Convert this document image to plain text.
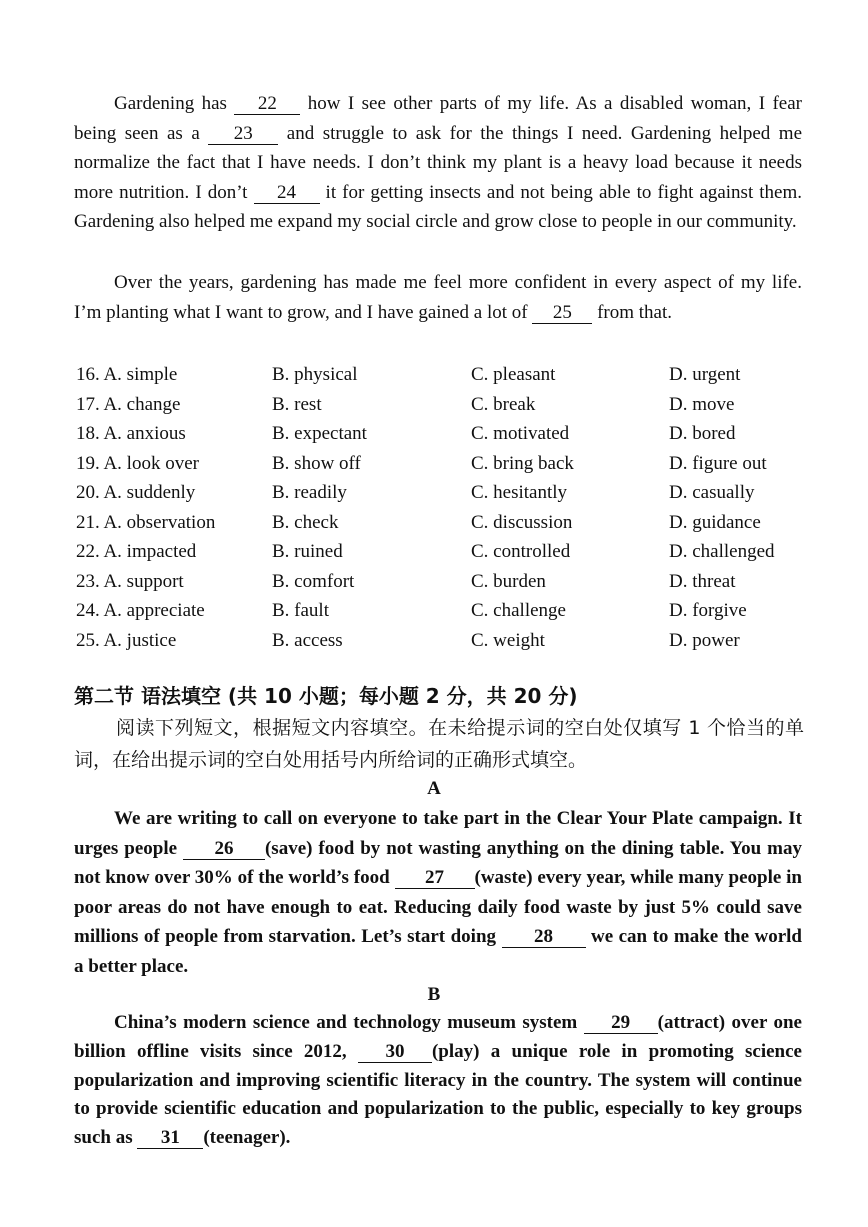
Gardening has 22 how I see other parts of my life. As a disabled woman, I fear being seen as a 23 and struggle to ask for the things I need. Gardening helped me normalize the fact that I have needs. I don’t think my plant is a heavy load because it needs more nutrition. I don’t 24 it for getting insects and not being able to fight against them. Gardening also helped me expand my social circle and grow close to people in our community.

Over the years, gardening has made me feel more confident in every aspect of my life. I’m planting what I want to grow, and I have gained a lot of 25 from that.

16. A. simple	B. physical	C. pleasant	D. urgent
17. A. change	B. rest	C. break	D. move
18. A. anxious	B. expectant	C. motivated	D. bored
19. A. look over	B. show off	C. bring back	D. figure out
20. A. suddenly	B. readily	C. hesitantly	D. casually
21. A. observation	B. check	C. discussion	D. guidance
22. A. impacted	B. ruined	C. controlled	D. challenged
23. A. support	B. comfort	C. burden	D. threat
24. A. appreciate	B. fault	C. challenge	D. forgive
25. A. justice	B. access	C. weight	D. power

第二节 语法填空 (共 10 小题；每小题 2 分，共 20 分)

阅读下列短文，根据短文内容填空。在未给提示词的空白处仅填写 1 个恰当的单词，在给出提示词的空白处用括号内所给词的正确形式填空。

A

We are writing to call on everyone to take part in the Clear Your Plate campaign. It urges people 26 (save) food by not wasting anything on the dining table. You may not know over 30% of the world’s food 27 (waste) every year, while many people in poor areas do not have enough to eat. Reducing daily food waste by just 5% could save millions of people from starvation. Let’s start doing 28 we can to make the world a better place.

B

China’s modern science and technology museum system 29 (attract) over one billion offline visits since 2012, 30 (play) a unique role in promoting science popularization and improving scientific literacy in the country. The system will continue to provide scientific education and popularization to the public, especially to key groups such as 31 (teenager).
